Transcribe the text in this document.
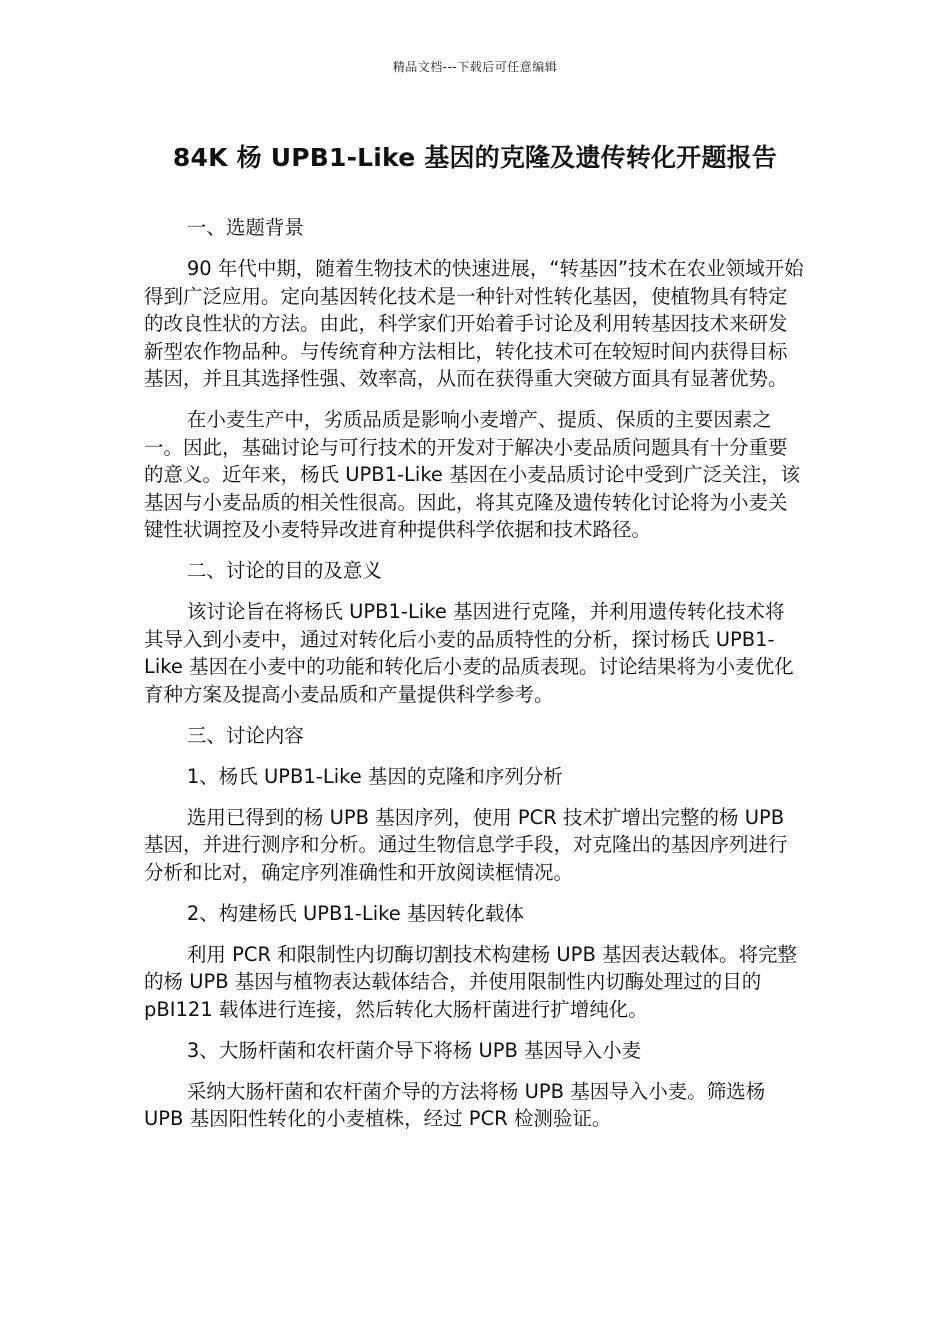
精品文档---下载后可任意编辑
84K 杨 UPB1-Like 基因的克隆及遗传转化开题报告

一、选题背景

90 年代中期，随着生物技术的快速进展，“转基因”技术在农业领域开始得到广泛应用。定向基因转化技术是一种针对性转化基因，使植物具有特定的改良性状的方法。由此，科学家们开始着手讨论及利用转基因技术来研发新型农作物品种。与传统育种方法相比，转化技术可在较短时间内获得目标基因，并且其选择性强、效率高，从而在获得重大突破方面具有显著优势。

在小麦生产中，劣质品质是影响小麦增产、提质、保质的主要因素之一。因此，基础讨论与可行技术的开发对于解决小麦品质问题具有十分重要的意义。近年来，杨氏 UPB1-Like 基因在小麦品质讨论中受到广泛关注，该基因与小麦品质的相关性很高。因此，将其克隆及遗传转化讨论将为小麦关键性状调控及小麦特异改进育种提供科学依据和技术路径。

二、讨论的目的及意义

该讨论旨在将杨氏 UPB1-Like 基因进行克隆，并利用遗传转化技术将其导入到小麦中，通过对转化后小麦的品质特性的分析，探讨杨氏 UPB1-Like 基因在小麦中的功能和转化后小麦的品质表现。讨论结果将为小麦优化育种方案及提高小麦品质和产量提供科学参考。

三、讨论内容

1、杨氏 UPB1-Like 基因的克隆和序列分析

选用已得到的杨 UPB 基因序列，使用 PCR 技术扩增出完整的杨 UPB 基因，并进行测序和分析。通过生物信息学手段，对克隆出的基因序列进行分析和比对，确定序列准确性和开放阅读框情况。

2、构建杨氏 UPB1-Like 基因转化载体

利用 PCR 和限制性内切酶切割技术构建杨 UPB 基因表达载体。将完整的杨 UPB 基因与植物表达载体结合，并使用限制性内切酶处理过的目的 pBI121 载体进行连接，然后转化大肠杆菌进行扩增纯化。

3、大肠杆菌和农杆菌介导下将杨 UPB 基因导入小麦

采纳大肠杆菌和农杆菌介导的方法将杨 UPB 基因导入小麦。筛选杨 UPB 基因阳性转化的小麦植株，经过 PCR 检测验证。
